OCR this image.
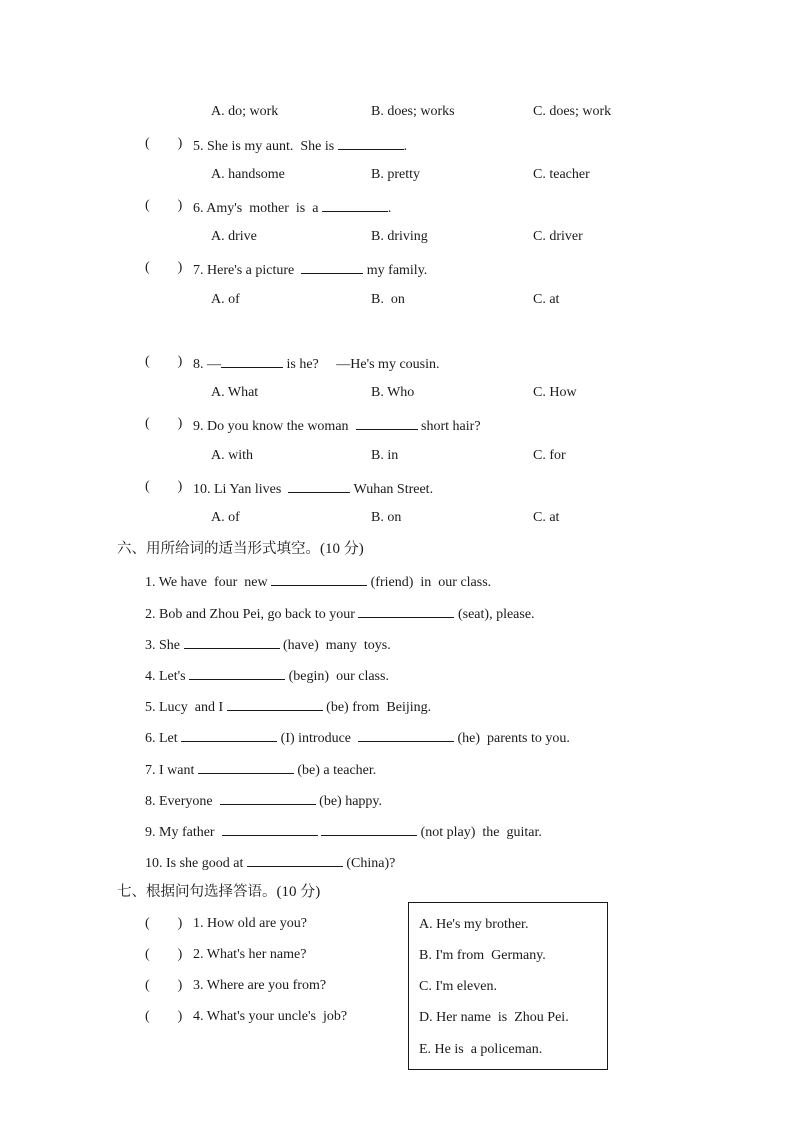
A. do; work	B. does; works	C. does; work
(        ) 5. She is my aunt.  She is	.
A. handsome	B. pretty	C. teacher
(        ) 6. Amy's  mother  is  a	.
A. drive	B. driving	C. driver
(        ) 7. Here's a picture	my family.
A. of	B.  on	C. at
(        ) 8. —	is he?     —He's my cousin.
A. What	B. Who	C. How
(        ) 9. Do you know the woman	short hair?
A. with	B. in	C. for
(        ) 10. Li Yan lives	Wuhan Street.
A. of	B. on	C. at
六、用所给词的适当形式填空。(10 分)
1. We have  four  new	(friend)  in  our class.
2. Bob and Zhou Pei, go back to your	(seat), please.
3. She	(have)  many  toys.
4. Let's	(begin)  our class.
5. Lucy  and I	(be) from  Beijing.
6. Let	(I) introduce	(he)  parents to you.
7. I want	(be) a teacher.
8. Everyone	(be) happy.
9. My father	(not play)  the  guitar.
10. Is she good at	(China)?
七、根据问句选择答语。(10 分)
(        ) 1. How old are you?
(        ) 2. What's her name?
(        ) 3. Where are you from?
(        ) 4. What's your uncle's  job?
A. He's my brother.
B. I'm from  Germany.
C. I'm eleven.
D. Her name  is  Zhou Pei.
E. He is  a policeman.
